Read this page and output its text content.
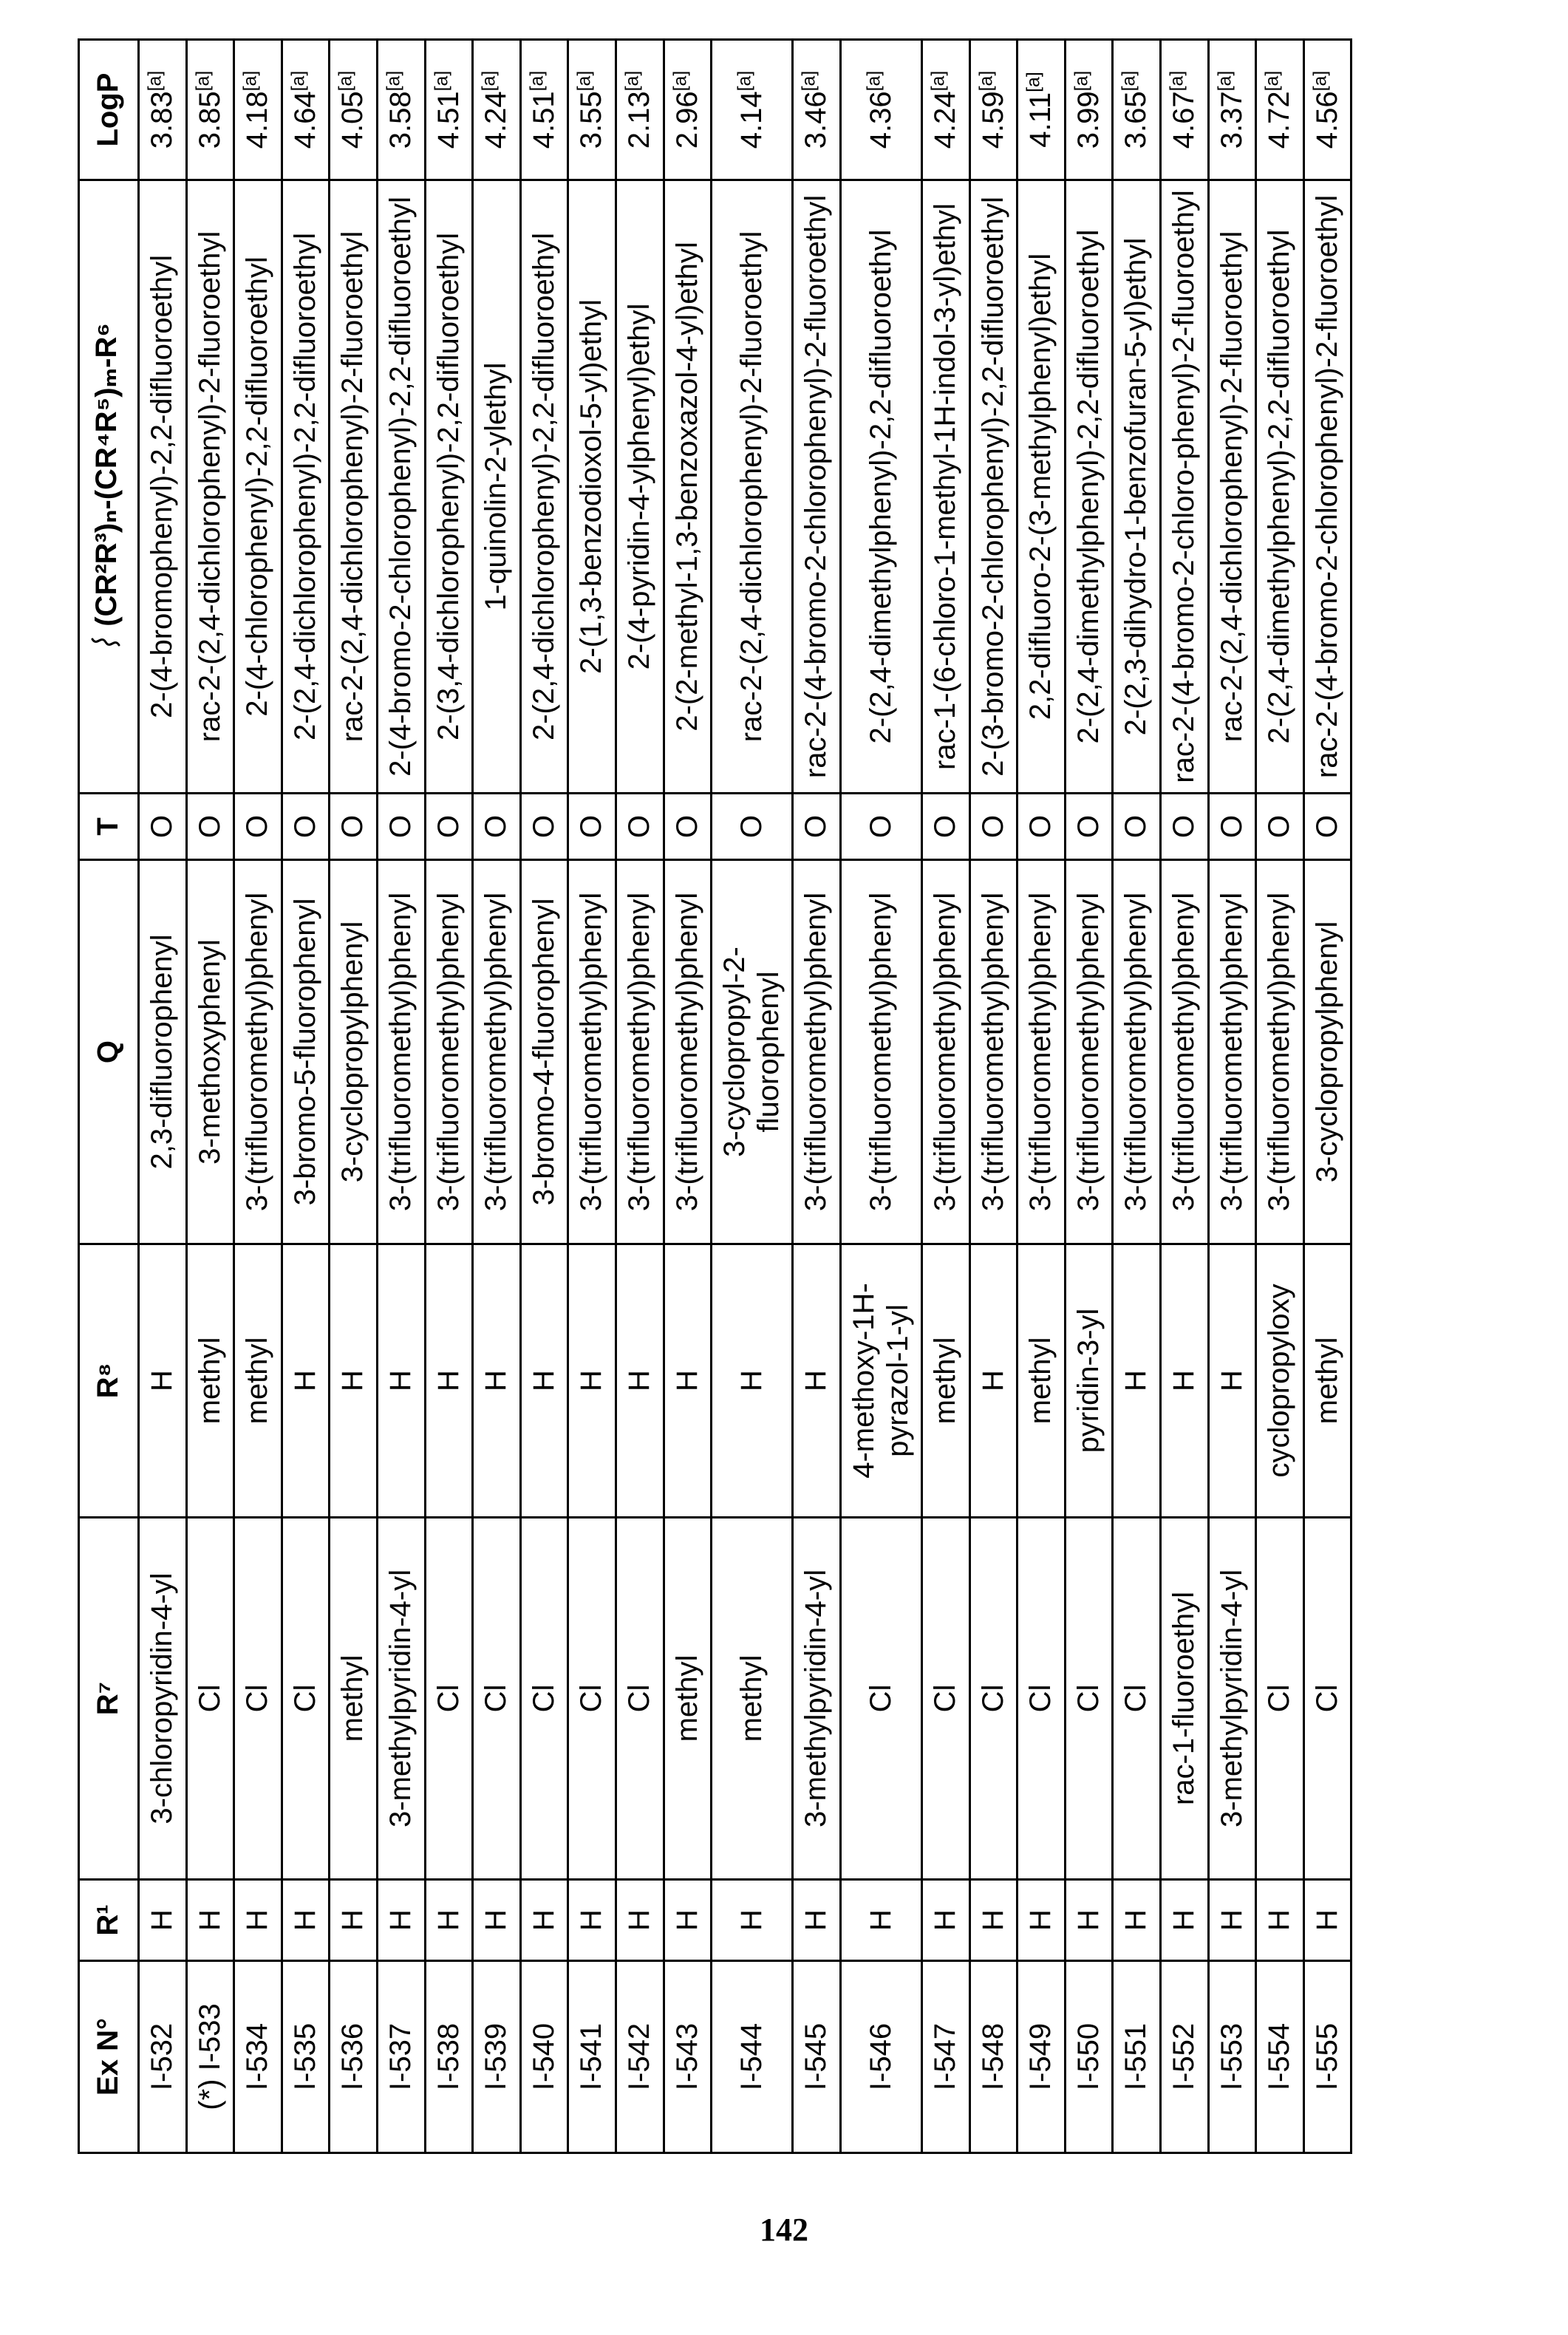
Ex N°	R¹	R⁷	R⁸	Q	T	(CR²R³)ₙ-(CR⁴R⁵)ₘ-R⁶	LogP
I-532	H	3-chloropyridin-4-yl	H	2,3-difluorophenyl	O	2-(4-bromophenyl)-2,2-difluoroethyl	3.83[a]
(*) I-533	H	Cl	methyl	3-methoxyphenyl	O	rac-2-(2,4-dichlorophenyl)-2-fluoroethyl	3.85[a]
I-534	H	Cl	methyl	3-(trifluoromethyl)phenyl	O	2-(4-chlorophenyl)-2,2-difluoroethyl	4.18[a]
I-535	H	Cl	H	3-bromo-5-fluorophenyl	O	2-(2,4-dichlorophenyl)-2,2-difluoroethyl	4.64[a]
I-536	H	methyl	H	3-cyclopropylphenyl	O	rac-2-(2,4-dichlorophenyl)-2-fluoroethyl	4.05[a]
I-537	H	3-methylpyridin-4-yl	H	3-(trifluoromethyl)phenyl	O	2-(4-bromo-2-chlorophenyl)-2,2-difluoroethyl	3.58[a]
I-538	H	Cl	H	3-(trifluoromethyl)phenyl	O	2-(3,4-dichlorophenyl)-2,2-difluoroethyl	4.51[a]
I-539	H	Cl	H	3-(trifluoromethyl)phenyl	O	1-quinolin-2-ylethyl	4.24[a]
I-540	H	Cl	H	3-bromo-4-fluorophenyl	O	2-(2,4-dichlorophenyl)-2,2-difluoroethyl	4.51[a]
I-541	H	Cl	H	3-(trifluoromethyl)phenyl	O	2-(1,3-benzodioxol-5-yl)ethyl	3.55[a]
I-542	H	Cl	H	3-(trifluoromethyl)phenyl	O	2-(4-pyridin-4-ylphenyl)ethyl	2.13[a]
I-543	H	methyl	H	3-(trifluoromethyl)phenyl	O	2-(2-methyl-1,3-benzoxazol-4-yl)ethyl	2.96[a]
I-544	H	methyl	H	3-cyclopropyl-2-fluorophenyl	O	rac-2-(2,4-dichlorophenyl)-2-fluoroethyl	4.14[a]
I-545	H	3-methylpyridin-4-yl	H	3-(trifluoromethyl)phenyl	O	rac-2-(4-bromo-2-chlorophenyl)-2-fluoroethyl	3.46[a]
I-546	H	Cl	4-methoxy-1H-pyrazol-1-yl	3-(trifluoromethyl)phenyl	O	2-(2,4-dimethylphenyl)-2,2-difluoroethyl	4.36[a]
I-547	H	Cl	methyl	3-(trifluoromethyl)phenyl	O	rac-1-(6-chloro-1-methyl-1H-indol-3-yl)ethyl	4.24[a]
I-548	H	Cl	H	3-(trifluoromethyl)phenyl	O	2-(3-bromo-2-chlorophenyl)-2,2-difluoroethyl	4.59[a]
I-549	H	Cl	methyl	3-(trifluoromethyl)phenyl	O	2,2-difluoro-2-(3-methylphenyl)ethyl	4.11[a]
I-550	H	Cl	pyridin-3-yl	3-(trifluoromethyl)phenyl	O	2-(2,4-dimethylphenyl)-2,2-difluoroethyl	3.99[a]
I-551	H	Cl	H	3-(trifluoromethyl)phenyl	O	2-(2,3-dihydro-1-benzofuran-5-yl)ethyl	3.65[a]
I-552	H	rac-1-fluoroethyl	H	3-(trifluoromethyl)phenyl	O	rac-2-(4-bromo-2-chloro-phenyl)-2-fluoroethyl	4.67[a]
I-553	H	3-methylpyridin-4-yl	H	3-(trifluoromethyl)phenyl	O	rac-2-(2,4-dichlorophenyl)-2-fluoroethyl	3.37[a]
I-554	H	Cl	cyclopropyloxy	3-(trifluoromethyl)phenyl	O	2-(2,4-dimethylphenyl)-2,2-difluoroethyl	4.72[a]
I-555	H	Cl	methyl	3-cyclopropylphenyl	O	rac-2-(4-bromo-2-chlorophenyl)-2-fluoroethyl	4.56[a]
142
